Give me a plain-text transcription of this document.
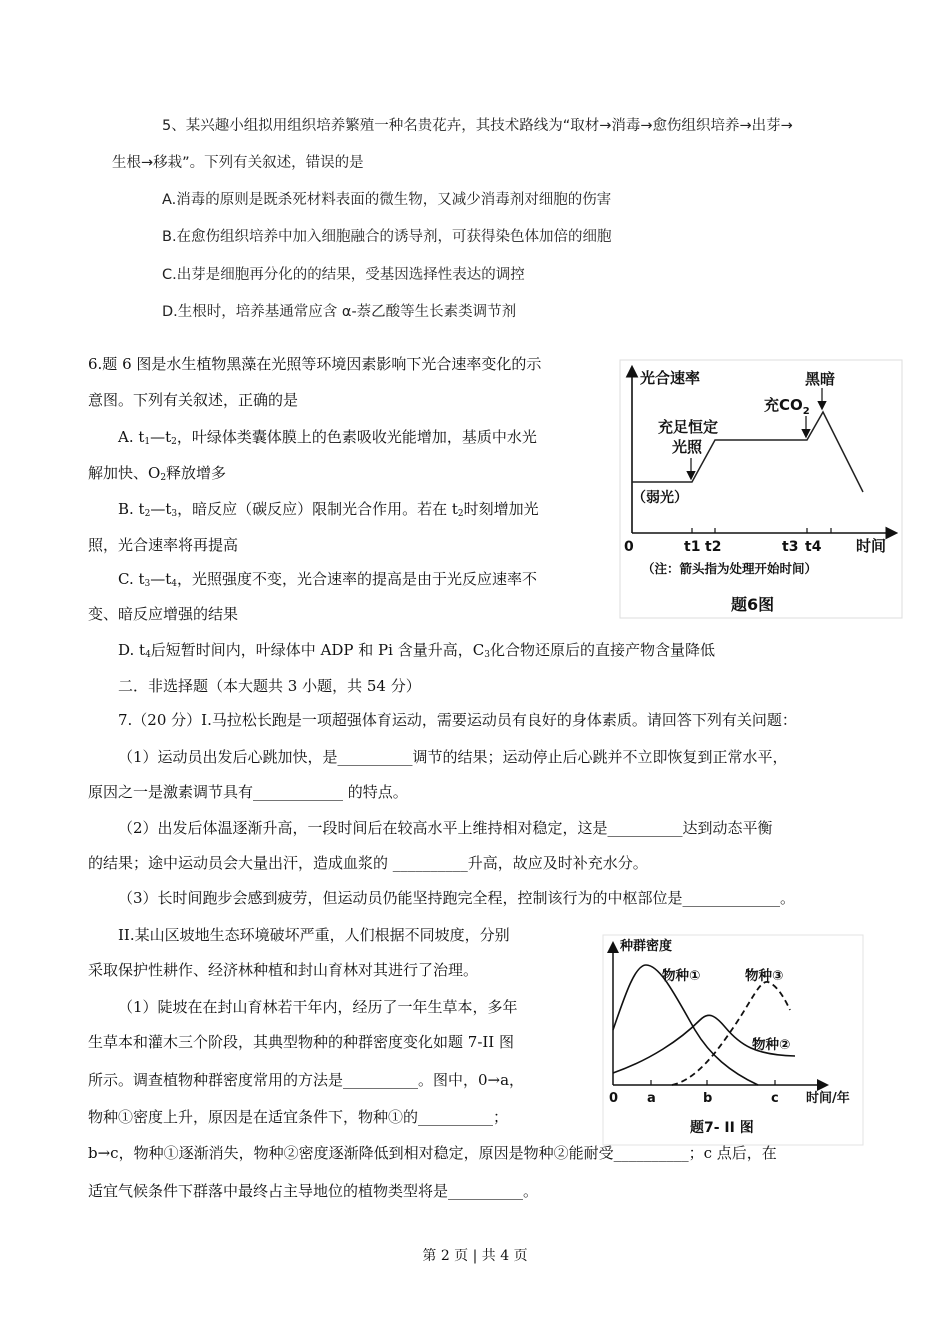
5、某兴趣小组拟用组织培养繁殖一种名贵花卉，其技术路线为“取材→消毒→愈伤组织培养→出芽→
生根→移栽”。下列有关叙述，错误的是
A.消毒的原则是既杀死材料表面的微生物，又减少消毒剂对细胞的伤害
B.在愈伤组织培养中加入细胞融合的诱导剂，可获得染色体加倍的细胞
C.出芽是细胞再分化的的结果，受基因选择性表达的调控
D.生根时，培养基通常应含 α-萘乙酸等生长素类调节剂
6.题 6 图是水生植物黑藻在光照等环境因素影响下光合速率变化的示
意图。下列有关叙述，正确的是
A. $t_1—t_2$，叶绿体类囊体膜上的色素吸收光能增加，基质中水光
解加快、$O_2$释放增多
B. $t_2—t_3$，暗反应（碳反应）限制光合作用。若在 $t_2$时刻增加光
照，光合速率将再提高
C. $t_3—t_4$，光照强度不变，光合速率的提高是由于光反应速率不
变、暗反应增强的结果
D. $t_4$后短暂时间内，叶绿体中 ADP 和 Pi 含量升高，$C_3$化合物还原后的直接产物含量降低
二．非选择题（本大题共 3 小题，共 54 分）
7.（20 分）I.马拉松长跑是一项超强体育运动，需要运动员有良好的身体素质。请回答下列有关问题：
（1）运动员出发后心跳加快，是__________调节的结果；运动停止后心跳并不立即恢复到正常水平，
原因之一是激素调节具有____________ 的特点。
（2）出发后体温逐渐升高，一段时间后在较高水平上维持相对稳定，这是__________达到动态平衡
的结果；途中运动员会大量出汗，造成血浆的 __________升高，故应及时补充水分。
（3）长时间跑步会感到疲劳，但运动员仍能坚持跑完全程，控制该行为的中枢部位是_____________。
II.某山区坡地生态环境破坏严重，人们根据不同坡度，分别
采取保护性耕作、经济林种植和封山育林对其进行了治理。
（1）陡坡在在封山育林若干年内，经历了一年生草本，多年
生草本和灌木三个阶段，其典型物种的种群密度变化如题 7-II 图
所示。调查植物种群密度常用的方法是__________。图中，0→a，
物种①密度上升，原因是在适宜条件下，物种①的__________；
b→c，物种①逐渐消失，物种②密度逐渐降低到相对稳定，原因是物种②能耐受__________；c 点后，在
适宜气候条件下群落中最终占主导地位的植物类型将是__________。
第 2 页 | 共 4 页
光合速率	黑暗
充$CO_2$
充足恒定
光照
（弱光）
0	t1 t2	t3 t4 时间
（注：箭头指为处理开始时间）
题6图
种群密度
物种①	物种③
物种②
0 a	b	c 时间/年
题7- II 图
